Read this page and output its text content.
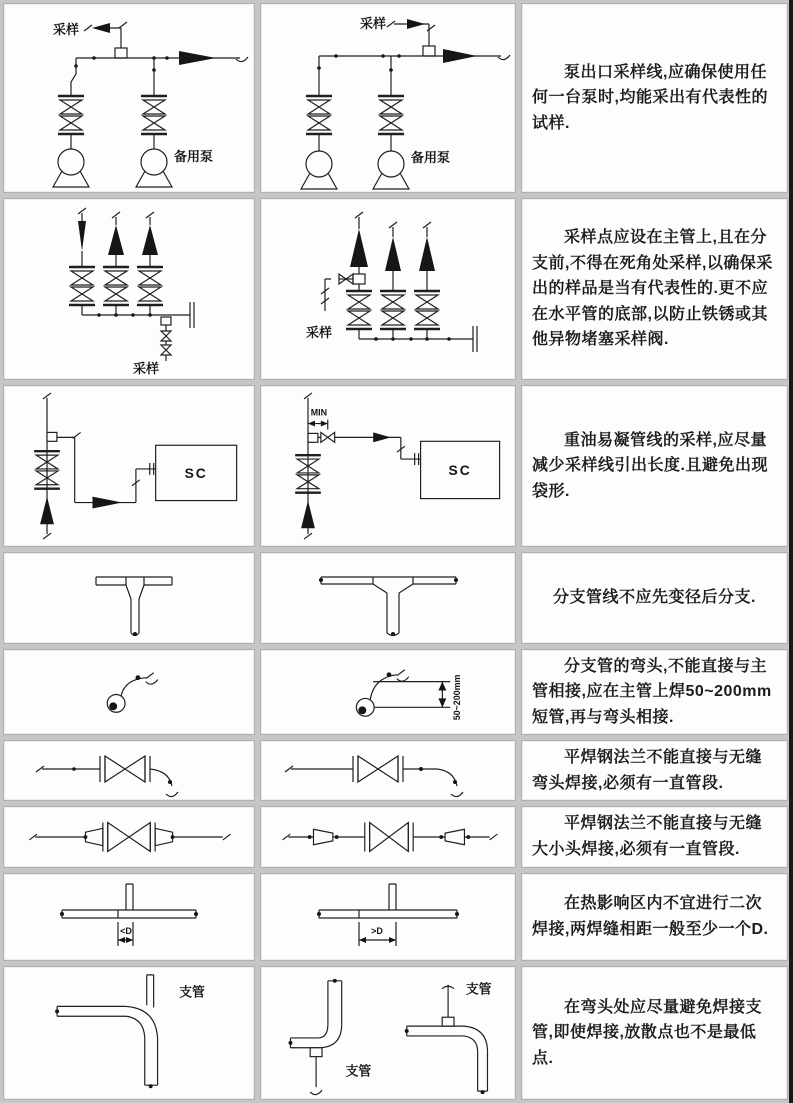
采样
备用泵
采样
备用泵

泵出口采样线,应确保使用任何一台泵时,均能采出有代表性的试样.

采样
采样

采样点应设在主管上,且在分支前,不得在死角处采样,以确保采出的样品是当有代表性的.更不应在水平管的底部,以防止铁锈或其他异物堵塞采样阀.

SC
MIN
SC

重油易凝管线的采样,应尽量减少采样线引出长度.且避免出现袋形.

分支管线不应先变径后分支.

50~200mm

分支管的弯头,不能直接与主管相接,应在主管上焊50~200mm短管,再与弯头相接.

平焊钢法兰不能直接与无缝弯头焊接,必须有一直管段.

平焊钢法兰不能直接与无缝大小头焊接,必须有一直管段.

<D	>D

在热影响区内不宜进行二次焊接,两焊缝相距一般至少一个D.

支管
支管
支管

在弯头处应尽量避免焊接支管,即使焊接,放散点也不是最低点.
